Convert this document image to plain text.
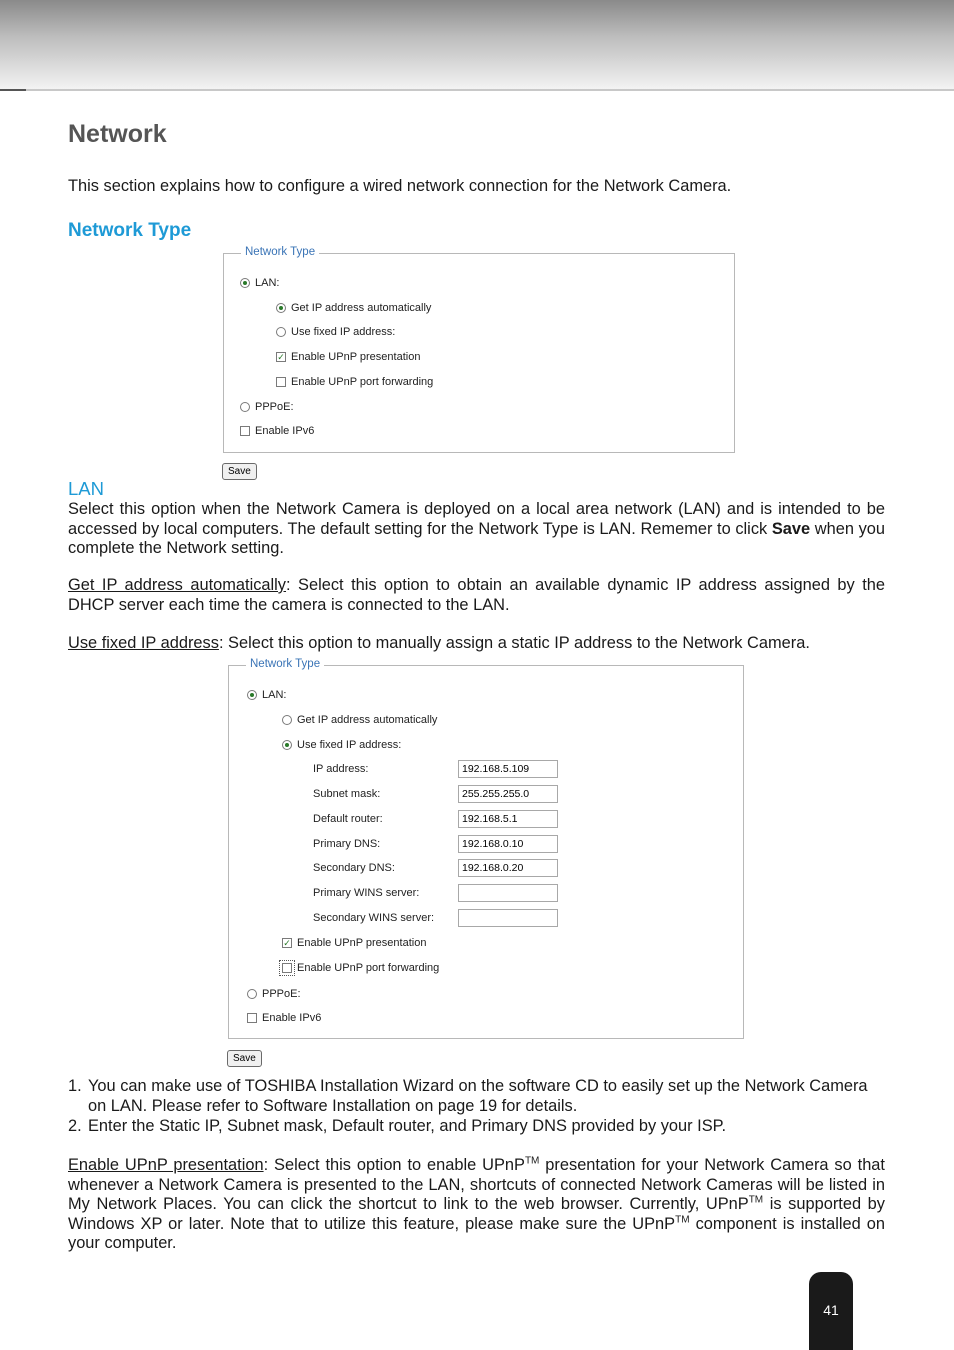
Network
This section explains how to configure a wired network connection for the Network Camera.
Network Type
Network Type
LAN:
Get IP address automatically
Use fixed IP address:
✓ Enable UPnP presentation
Enable UPnP port forwarding
PPPoE:
Enable IPv6
Save
LAN
Select this option when the Network Camera is deployed on a local area network (LAN) and is intended to be accessed by local computers. The default setting for the Network Type is LAN. Rememer to click Save when you complete the Network setting.
Get IP address automatically: Select this option to obtain an available dynamic IP address assigned by the DHCP server each time the camera is connected to the LAN.
Use fixed IP address: Select this option to manually assign a static IP address to the Network Camera.
Network Type
LAN:
Get IP address automatically
Use fixed IP address:
IP address:
192.168.5.109
Subnet mask:
255.255.255.0
Default router:
192.168.5.1
Primary DNS:
192.168.0.10
Secondary DNS:
192.168.0.20
Primary WINS server:
Secondary WINS server:
✓ Enable UPnP presentation
Enable UPnP port forwarding
PPPoE:
Enable IPv6
Save
1. You can make use of TOSHIBA Installation Wizard on the software CD to easily set up the Network Camera on LAN. Please refer to Software Installation on page 19 for details.
2. Enter the Static IP, Subnet mask, Default router, and Primary DNS provided by your ISP.
Enable UPnP presentation: Select this option to enable UPnP™ presentation for your Network Camera so that whenever a Network Camera is presented to the LAN, shortcuts of connected Network Cameras will be listed in My Network Places. You can click the shortcut to link to the web browser. Currently, UPnP™ is supported by Windows XP or later. Note that to utilize this feature, please make sure the UPnP™ component is installed on your computer.
41
